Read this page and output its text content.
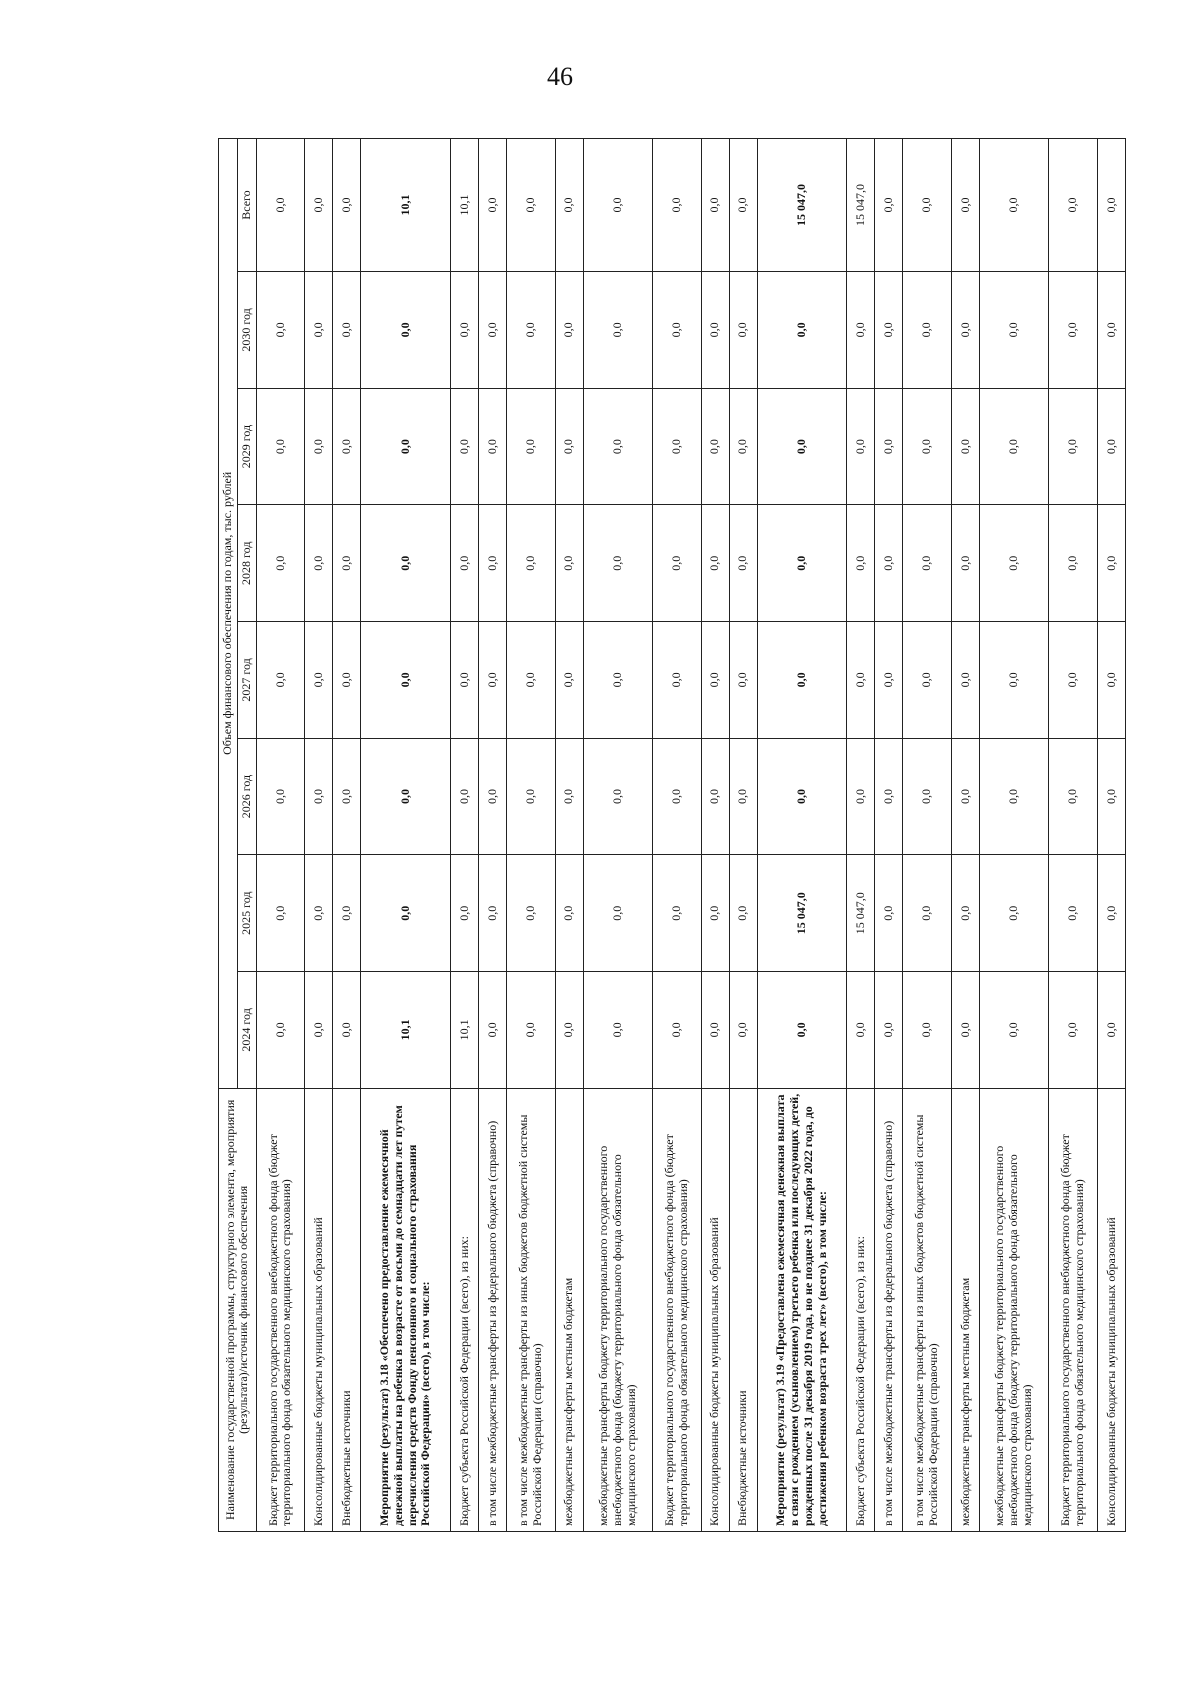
46
Наименование государственной программы, структурного элемента, мероприятия (результата)/источник финансового обеспечения	Объем финансового обеспечения по годам, тыс. рублей							
	2024 год	2025 год	2026 год	2027 год	2028 год	2029 год	2030 год	Всего
Бюджет территориального государственного внебюджетного фонда (бюджет территориального фонда обязательного медицинского страхования)	0,0	0,0	0,0	0,0	0,0	0,0	0,0	0,0
Консолидированные бюджеты муниципальных образований	0,0	0,0	0,0	0,0	0,0	0,0	0,0	0,0
Внебюджетные источники	0,0	0,0	0,0	0,0	0,0	0,0	0,0	0,0
Мероприятие (результат) 3.18 «Обеспечено предоставление ежемесячной денежной выплаты на ребенка в возрасте от восьми до семнадцати лет путем перечисления средств Фонду пенсионного и социального страхования Российской Федерации» (всего), в том числе:	10,1	0,0	0,0	0,0	0,0	0,0	0,0	10,1
Бюджет субъекта Российской Федерации (всего), из них:	10,1	0,0	0,0	0,0	0,0	0,0	0,0	10,1
в том числе межбюджетные трансферты из федерального бюджета (справочно)	0,0	0,0	0,0	0,0	0,0	0,0	0,0	0,0
в том числе межбюджетные трансферты из иных бюджетов бюджетной системы Российской Федерации (справочно)	0,0	0,0	0,0	0,0	0,0	0,0	0,0	0,0
межбюджетные трансферты местным бюджетам	0,0	0,0	0,0	0,0	0,0	0,0	0,0	0,0
межбюджетные трансферты бюджету территориального государственного внебюджетного фонда (бюджету территориального фонда обязательного медицинского страхования)	0,0	0,0	0,0	0,0	0,0	0,0	0,0	0,0
Бюджет территориального государственного внебюджетного фонда (бюджет территориального фонда обязательного медицинского страхования)	0,0	0,0	0,0	0,0	0,0	0,0	0,0	0,0
Консолидированные бюджеты муниципальных образований	0,0	0,0	0,0	0,0	0,0	0,0	0,0	0,0
Внебюджетные источники	0,0	0,0	0,0	0,0	0,0	0,0	0,0	0,0
Мероприятие (результат) 3.19 «Предоставлена ежемесячная денежная выплата в связи с рождением (усыновлением) третьего ребенка или последующих детей, рожденных после 31 декабря 2019 года, но не позднее 31 декабря 2022 года, до достижения ребенком возраста трех лет» (всего), в том числе:	0,0	15 047,0	0,0	0,0	0,0	0,0	0,0	15 047,0
Бюджет субъекта Российской Федерации (всего), из них:	0,0	15 047,0	0,0	0,0	0,0	0,0	0,0	15 047,0
в том числе межбюджетные трансферты из федерального бюджета (справочно)	0,0	0,0	0,0	0,0	0,0	0,0	0,0	0,0
в том числе межбюджетные трансферты из иных бюджетов бюджетной системы Российской Федерации (справочно)	0,0	0,0	0,0	0,0	0,0	0,0	0,0	0,0
межбюджетные трансферты местным бюджетам	0,0	0,0	0,0	0,0	0,0	0,0	0,0	0,0
межбюджетные трансферты бюджету территориального государственного внебюджетного фонда (бюджету территориального фонда обязательного медицинского страхования)	0,0	0,0	0,0	0,0	0,0	0,0	0,0	0,0
Бюджет территориального государственного внебюджетного фонда (бюджет территориального фонда обязательного медицинского страхования)	0,0	0,0	0,0	0,0	0,0	0,0	0,0	0,0
Консолидированные бюджеты муниципальных образований	0,0	0,0	0,0	0,0	0,0	0,0	0,0	0,0
